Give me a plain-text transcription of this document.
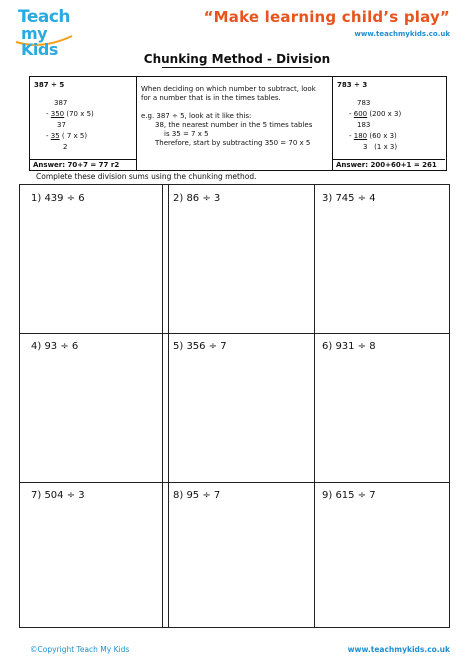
Teach
my Kids
“Make learning child’s play”
www.teachmykids.co.uk
Chunking Method - Division
387 ÷ 5
387
- 350 (70 x 5)
37
- 35 ( 7 x 5)
2
Answer: 70+7 = 77 r2
When deciding on which number to subtract, look
for a number that is in the times tables.
e.g. 387 ÷ 5, look at it like this:
38, the nearest number in the 5 times tables
is 35 = 7 x 5
Therefore, start by subtracting 350 = 70 x 5
783 ÷ 3
783
- 600 (200 x 3)
183
- 180 (60 x 3)
3 (1 x 3)
Answer: 200+60+1 = 261
Complete these division sums using the chunking method.
1) 439 ÷ 6	2) 86 ÷ 3	3) 745 ÷ 4
4) 93 ÷ 6	5) 356 ÷ 7	6) 931 ÷ 8
7) 504 ÷ 3	8) 95 ÷ 7	9) 615 ÷ 7
©Copyright Teach My Kids	www.teachmykids.co.uk
